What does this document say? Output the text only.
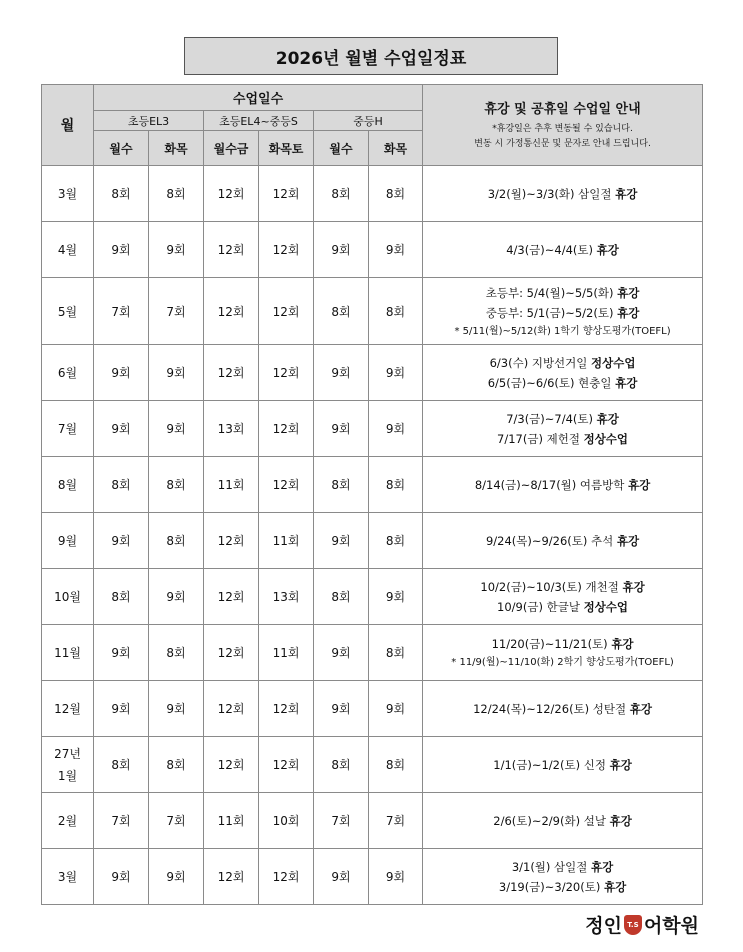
2026년 월별 수업일정표
월	수업일수						휴강 및 공휴일 수업일 안내
*휴강일은 추후 변동될 수 있습니다.
변동 시 가정통신문 및 문자로 안내 드립니다.

	초등EL3		초등EL4~중등S		중등H		
	월수	화목	월수금	화목토	월수	화목	

3월	8회	8회	12회	12회	8회	8회	3/2(월)~3/3(화) 삼일절 휴강

4월	9회	9회	12회	12회	9회	9회	4/3(금)~4/4(토) 휴강

5월	7회	7회	12회	12회	8회	8회	초등부: 5/4(월)~5/5(화) 휴강
중등부: 5/1(금)~5/2(토) 휴강
* 5/11(월)~5/12(화) 1학기 향상도평가(TOEFL)

6월	9회	9회	12회	12회	9회	9회	6/3(수) 지방선거일 정상수업
6/5(금)~6/6(토) 현충일 휴강

7월	9회	9회	13회	12회	9회	9회	7/3(금)~7/4(토) 휴강
7/17(금) 제헌절 정상수업

8월	8회	8회	11회	12회	8회	8회	8/14(금)~8/17(월) 여름방학 휴강

9월	9회	8회	12회	11회	9회	8회	9/24(목)~9/26(토) 추석 휴강

10월	8회	9회	12회	13회	8회	9회	10/2(금)~10/3(토) 개천절 휴강
10/9(금) 한글날 정상수업

11월	9회	8회	12회	11회	9회	8회	11/20(금)~11/21(토) 휴강
* 11/9(월)~11/10(화) 2학기 향상도평가(TOEFL)

12월	9회	9회	12회	12회	9회	9회	12/24(목)~12/26(토) 성탄절 휴강

27년
1월	8회	8회	12회	12회	8회	8회	1/1(금)~1/2(토) 신정 휴강

2월	7회	7회	11회	10회	7회	7회	2/6(토)~2/9(화) 설날 휴강

3월	9회	9회	12회	12회	9회	9회	3/1(월) 삼일절 휴강
3/19(금)~3/20(토) 휴강
정인 T.S 어학원
